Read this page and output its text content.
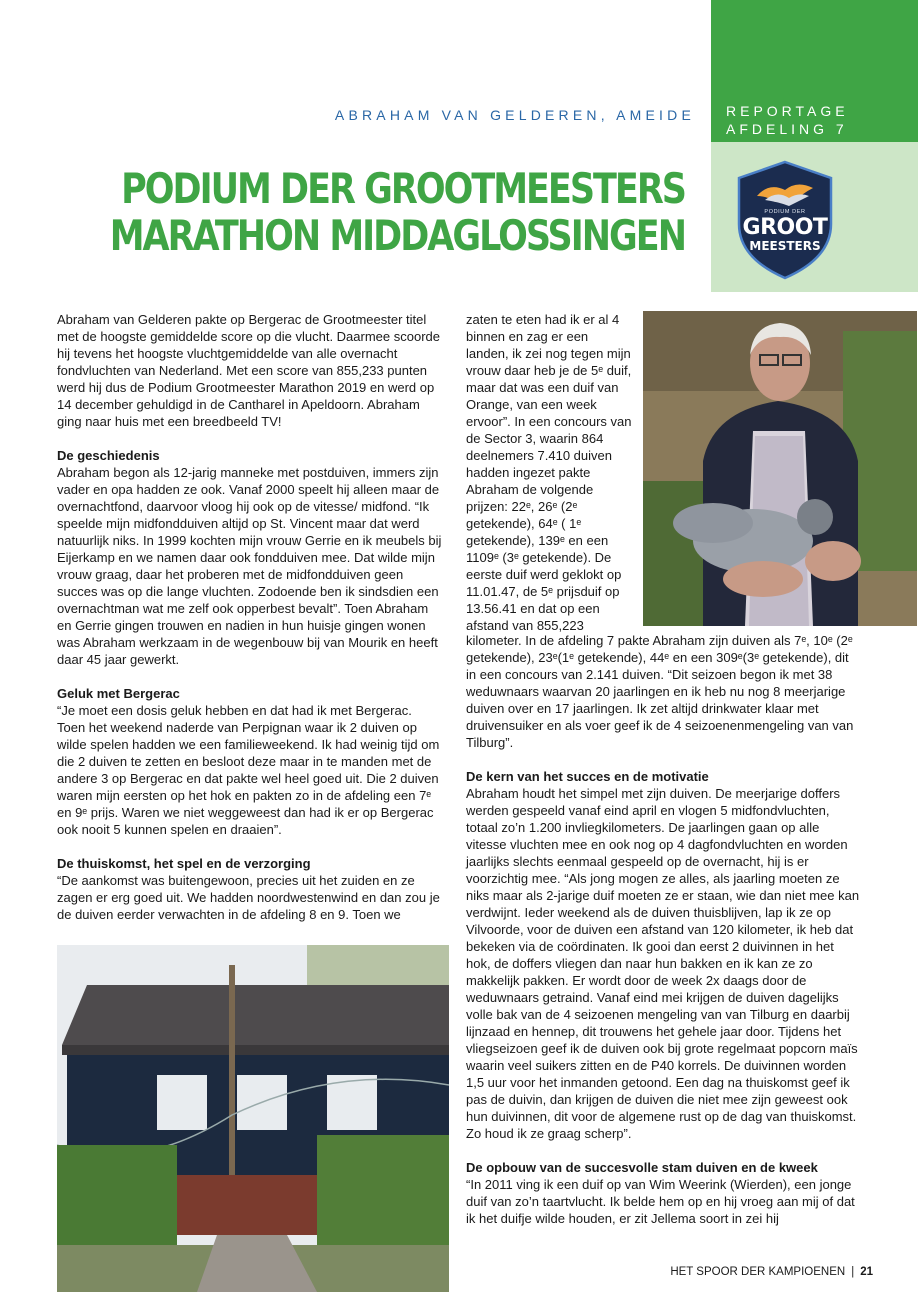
ABRAHAM VAN GELDEREN, AMEIDE REPORTAGE
AFDELING 7
PODIUM DER
GROOT
MEESTERS
PODIUM DER GROOTMEESTERS
MARATHON MIDDAGLOSSINGEN

Abraham van Gelderen pakte op Bergerac de Grootmeester titel met de hoogste gemiddelde score op die vlucht. Daarmee scoorde hij tevens het hoogste vluchtgemiddelde van alle overnacht fondvluchten van Nederland. Met een score van 855,233 punten werd hij dus de Podium Grootmeester Marathon 2019 en werd op 14 december gehuldigd in de Cantharel in Apeldoorn. Abraham ging naar huis met een breedbeeld TV!

De geschiedenis

Abraham begon als 12-jarig manneke met postduiven, immers zijn vader en opa hadden ze ook. Vanaf 2000 speelt hij alleen maar de overnachtfond, daarvoor vloog hij ook op de vitesse/ midfond. “Ik speelde mijn midfondduiven altijd op St. Vincent maar dat werd natuurlijk niks. In 1999 kochten mijn vrouw Gerrie en ik meubels bij Eijerkamp en we namen daar ook fondduiven mee. Dat wilde mijn vrouw graag, daar het proberen met de midfondduiven geen succes was op die lange vluchten. Zodoende ben ik sindsdien een overnachtman wat me zelf ook opperbest bevalt”. Toen Abraham en Gerrie gingen trouwen en nadien in hun huisje gingen wonen was Abraham werkzaam in de wegenbouw bij van Mourik en heeft daar 45 jaar gewerkt.

Geluk met Bergerac

“Je moet een dosis geluk hebben en dat had ik met Bergerac. Toen het weekend naderde van Perpignan waar ik 2 duiven op wilde spelen hadden we een familieweekend. Ik had weinig tijd om die 2 duiven te zetten en besloot deze maar in te manden met de andere 3 op Bergerac en dat pakte wel heel goed uit. Die 2 duiven waren mijn eersten op het hok en pakten zo in de afdeling een 7ᵉ en 9ᵉ prijs. Waren we niet weggeweest dan had ik er op Bergerac ook nooit 5 kunnen spelen en draaien”.

De thuiskomst, het spel en de verzorging

“De aankomst was buitengewoon, precies uit het zuiden en ze zagen er erg goed uit. We hadden noordwestenwind en dan zou je de duiven eerder verwachten in de afdeling 8 en 9. Toen we

zaten te eten had ik er al 4 binnen en zag er een landen, ik zei nog tegen mijn vrouw daar heb je de 5ᵉ duif, maar dat was een duif van Orange, van een week ervoor”. In een concours van de Sector 3, waarin 864 deelnemers 7.410 duiven hadden ingezet pakte Abraham de volgende prijzen: 22ᵉ, 26ᵉ (2ᵉ getekende), 64ᵉ ( 1ᵉ getekende), 139ᵉ en een 1109ᵉ (3ᵉ getekende). De eerste duif werd geklokt op 11.01.47, de 5ᵉ prijsduif op 13.56.41 en dat op een afstand van 855,223

kilometer. In de afdeling 7 pakte Abraham zijn duiven als 7ᵉ, 10ᵉ (2ᵉ getekende), 23ᵉ(1ᵉ getekende), 44ᵉ en een 309ᵉ(3ᵉ getekende), dit in een concours van 2.141 duiven. “Dit seizoen begon ik met 38 weduwnaars waarvan 20 jaarlingen en ik heb nu nog 8 meerjarige duiven over en 17 jaarlingen. Ik zet altijd drinkwater klaar met druivensuiker en als voer geef ik de 4 seizoenenmengeling van van Tilburg”.

De kern van het succes en de motivatie

Abraham houdt het simpel met zijn duiven. De meerjarige doffers werden gespeeld vanaf eind april en vlogen 5 midfondvluchten, totaal zo’n 1.200 invliegkilometers. De jaarlingen gaan op alle vitesse vluchten mee en ook nog op 4 dagfondvluchten en worden jaarlijks slechts eenmaal gespeeld op de overnacht, hij is er voorzichtig mee. “Als jong mogen ze alles, als jaarling moeten ze niks maar als 2-jarige duif moeten ze er staan, wie dan niet mee kan verdwijnt. Ieder weekend als de duiven thuisblijven, lap ik ze op Vilvoorde, voor de duiven een afstand van 120 kilometer, ik heb dat bekeken via de coördinaten. Ik gooi dan eerst 2 duivinnen in het hok, de doffers vliegen dan naar hun bakken en ik kan ze zo makkelijk pakken. Er wordt door de week 2x daags door de weduwnaars getraind. Vanaf eind mei krijgen de duiven dagelijks volle bak van de 4 seizoenen mengeling van van Tilburg en daarbij lijnzaad en hennep, dit trouwens het gehele jaar door. Tijdens het vliegseizoen geef ik de duiven ook bij grote regelmaat popcorn maïs waarin veel suikers zitten en de P40 korrels. De duivinnen worden 1,5 uur voor het inmanden getoond. Een dag na thuiskomst geef ik pas de duivin, dan krijgen de duiven die niet mee zijn geweest ook hun duivinnen, dit voor de algemene rust op de dag van thuiskomst. Zo houd ik ze graag scherp”.

De opbouw van de succesvolle stam duiven en de kweek

“In 2011 ving ik een duif op van Wim Weerink (Wierden), een jonge duif van zo’n taartvlucht. Ik belde hem op en hij vroeg aan mij of dat ik het duifje wilde houden, er zit Jellema soort in zei hij

HET SPOOR DER KAMPIOENEN | 21
